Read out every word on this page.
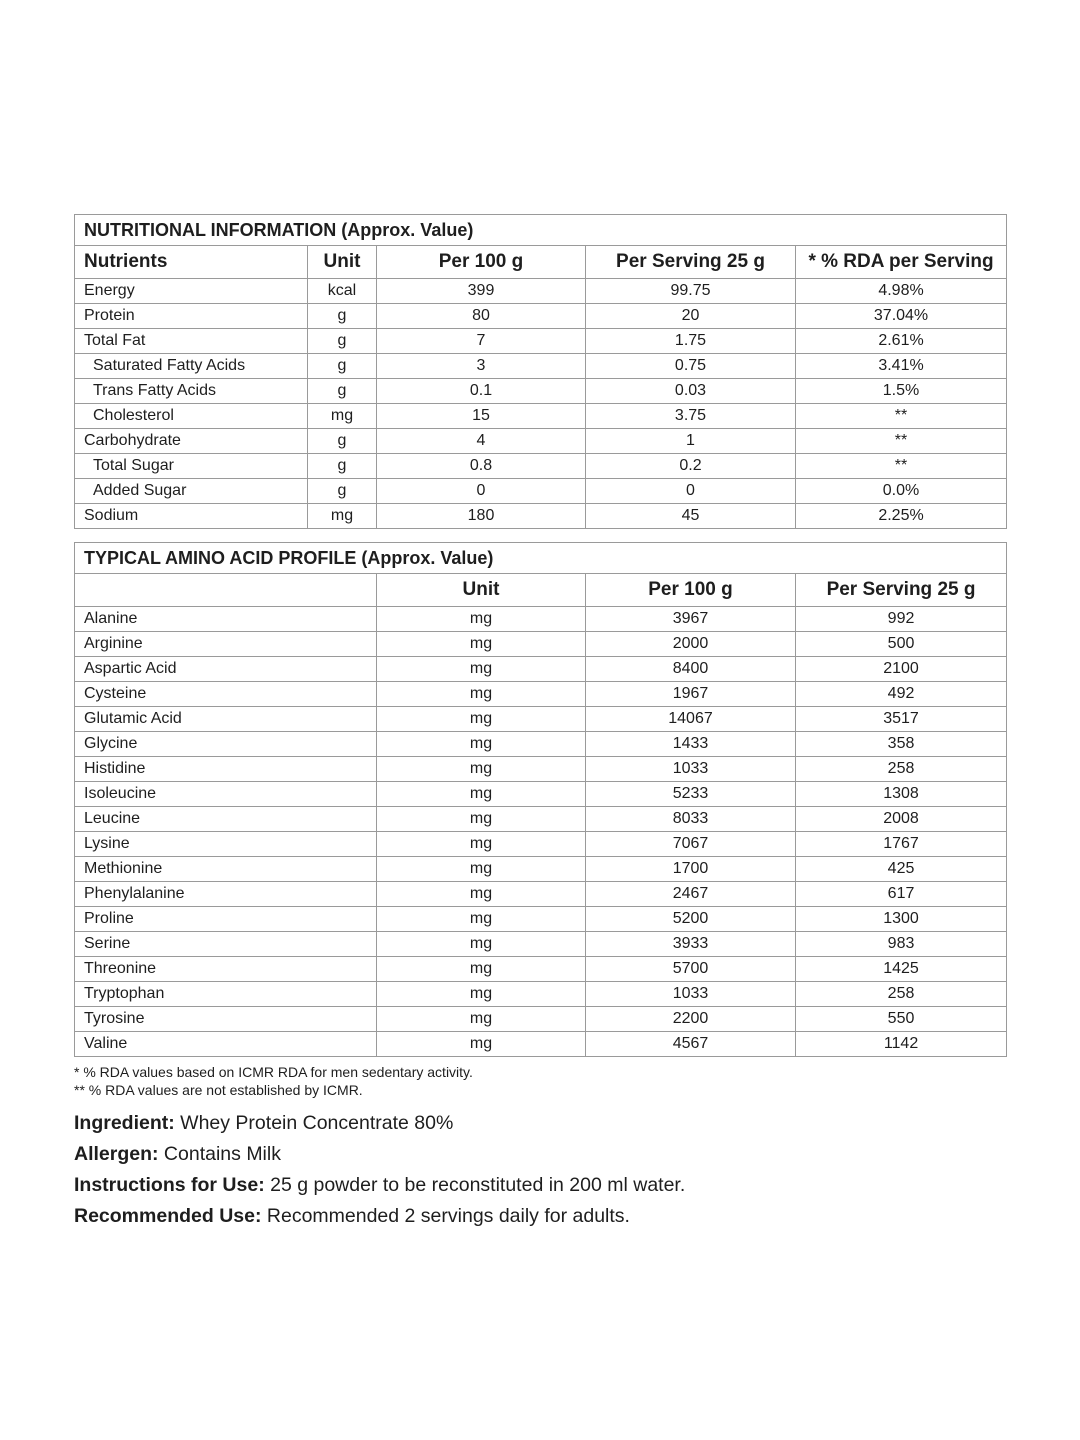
NUTRITIONAL INFORMATION (Approx. Value)				
Nutrients	Unit	Per 100 g	Per Serving 25 g	* % RDA per Serving
Energy	kcal	399	99.75	4.98%
Protein	g	80	20	37.04%
Total Fat	g	7	1.75	2.61%
Saturated Fatty Acids	g	3	0.75	3.41%
Trans Fatty Acids	g	0.1	0.03	1.5%
Cholesterol	mg	15	3.75	**
Carbohydrate	g	4	1	**
Total Sugar	g	0.8	0.2	**
Added Sugar	g	0	0	0.0%
Sodium	mg	180	45	2.25%
TYPICAL AMINO ACID PROFILE (Approx. Value)			
	Unit	Per 100 g	Per Serving 25 g
Alanine	mg	3967	992
Arginine	mg	2000	500
Aspartic Acid	mg	8400	2100
Cysteine	mg	1967	492
Glutamic Acid	mg	14067	3517
Glycine	mg	1433	358
Histidine	mg	1033	258
Isoleucine	mg	5233	1308
Leucine	mg	8033	2008
Lysine	mg	7067	1767
Methionine	mg	1700	425
Phenylalanine	mg	2467	617
Proline	mg	5200	1300
Serine	mg	3933	983
Threonine	mg	5700	1425
Tryptophan	mg	1033	258
Tyrosine	mg	2200	550
Valine	mg	4567	1142
* % RDA values based on ICMR RDA for men sedentary activity.
** % RDA values are not established by ICMR.

Ingredient: Whey Protein Concentrate 80%

Allergen: Contains Milk

Instructions for Use: 25 g powder to be reconstituted in 200 ml water.

Recommended Use: Recommended 2 servings daily for adults.
